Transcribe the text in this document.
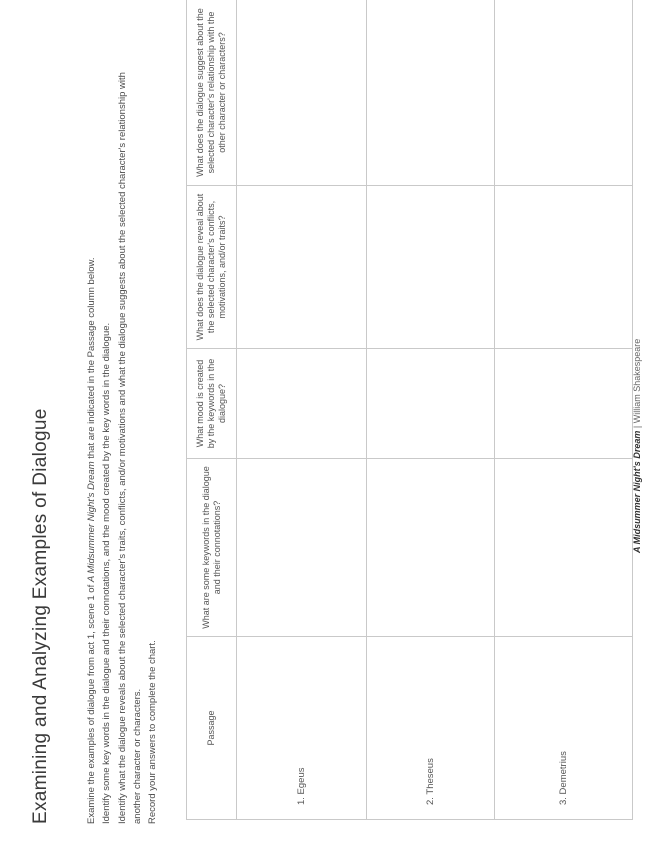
Examining and Analyzing Examples of Dialogue	Examine the examples of dialogue from act 1, scene 1 of A Midsummer Night's Dream that are indicated in the Passage column below. Identify some key words in the dialogue and their connotations, and the mood created by the key words in the dialogue. Identify what the dialogue reveals about the selected character's traits, conflicts, and/or motivations and what the dialogue suggests about the selected character's relationship with another character or characters. Record your answers to complete the chart.	Passage	What are some keywords in the dialogue and their connotations?	What mood is created by the keywords in the dialogue?	What does the dialogue reveal about the selected character's conflicts, motivations, and/or traits?	What does the dialogue suggest about the selected character's relationship with the other character or characters?
1. Egeus				
2. Theseus				
3. Demetrius				
A Midsummer Night's Dream | William Shakespeare
